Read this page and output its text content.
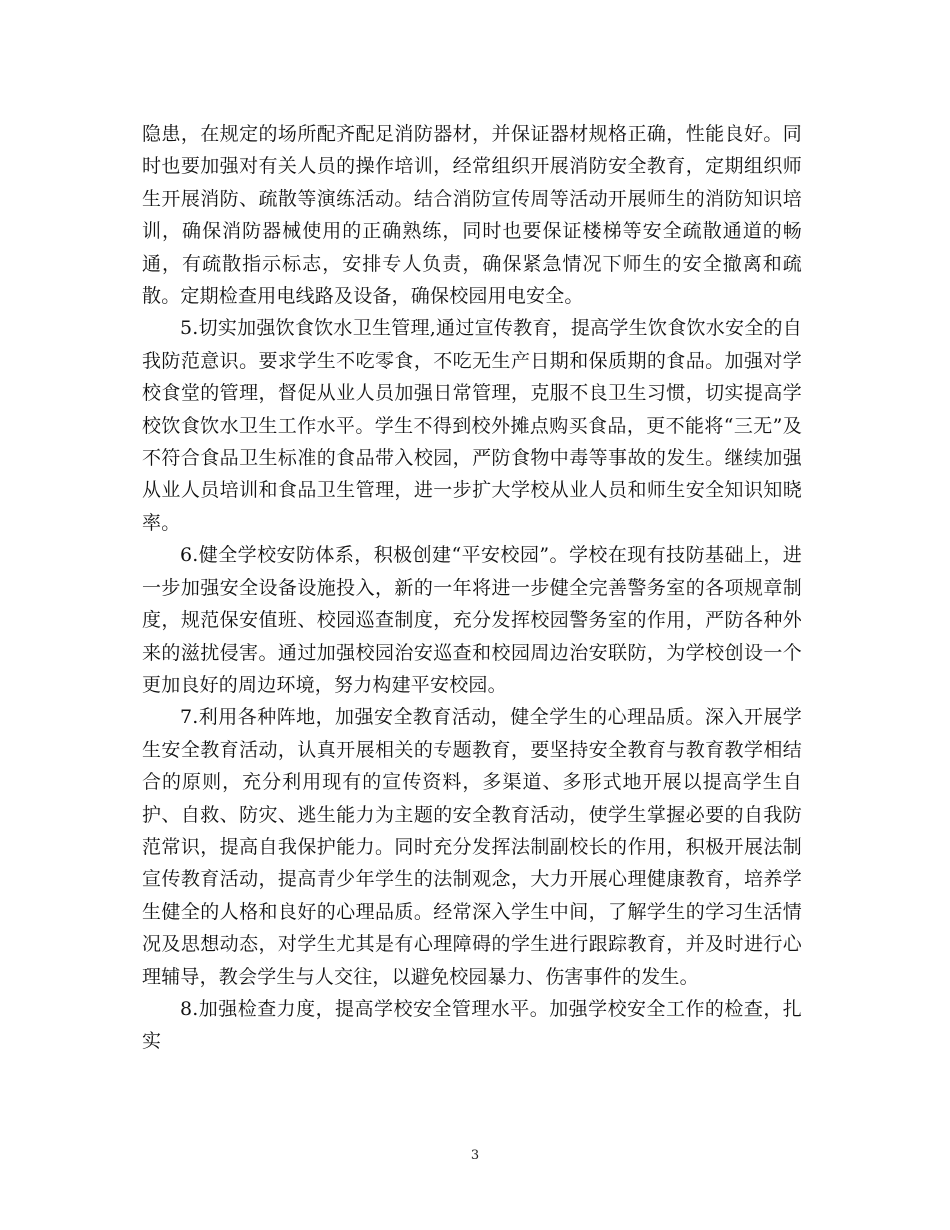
隐患，在规定的场所配齐配足消防器材，并保证器材规格正确，性能良好。同时也要加强对有关人员的操作培训，经常组织开展消防安全教育，定期组织师生开展消防、疏散等演练活动。结合消防宣传周等活动开展师生的消防知识培训，确保消防器械使用的正确熟练，同时也要保证楼梯等安全疏散通道的畅通，有疏散指示标志，安排专人负责，确保紧急情况下师生的安全撤离和疏散。定期检查用电线路及设备，确保校园用电安全。

5.切实加强饮食饮水卫生管理,通过宣传教育，提高学生饮食饮水安全的自我防范意识。要求学生不吃零食，不吃无生产日期和保质期的食品。加强对学校食堂的管理，督促从业人员加强日常管理，克服不良卫生习惯，切实提高学校饮食饮水卫生工作水平。学生不得到校外摊点购买食品，更不能将“三无”及不符合食品卫生标准的食品带入校园，严防食物中毒等事故的发生。继续加强从业人员培训和食品卫生管理，进一步扩大学校从业人员和师生安全知识知晓率。

6.健全学校安防体系，积极创建“平安校园”。学校在现有技防基础上，进一步加强安全设备设施投入，新的一年将进一步健全完善警务室的各项规章制度，规范保安值班、校园巡查制度，充分发挥校园警务室的作用，严防各种外来的滋扰侵害。通过加强校园治安巡查和校园周边治安联防，为学校创设一个更加良好的周边环境，努力构建平安校园。

7.利用各种阵地，加强安全教育活动，健全学生的心理品质。深入开展学生安全教育活动，认真开展相关的专题教育，要坚持安全教育与教育教学相结合的原则，充分利用现有的宣传资料，多渠道、多形式地开展以提高学生自护、自救、防灾、逃生能力为主题的安全教育活动，使学生掌握必要的自我防范常识，提高自我保护能力。同时充分发挥法制副校长的作用，积极开展法制宣传教育活动，提高青少年学生的法制观念，大力开展心理健康教育，培养学生健全的人格和良好的心理品质。经常深入学生中间，了解学生的学习生活情况及思想动态，对学生尤其是有心理障碍的学生进行跟踪教育，并及时进行心理辅导，教会学生与人交往，以避免校园暴力、伤害事件的发生。

8.加强检查力度，提高学校安全管理水平。加强学校安全工作的检查，扎实

3
